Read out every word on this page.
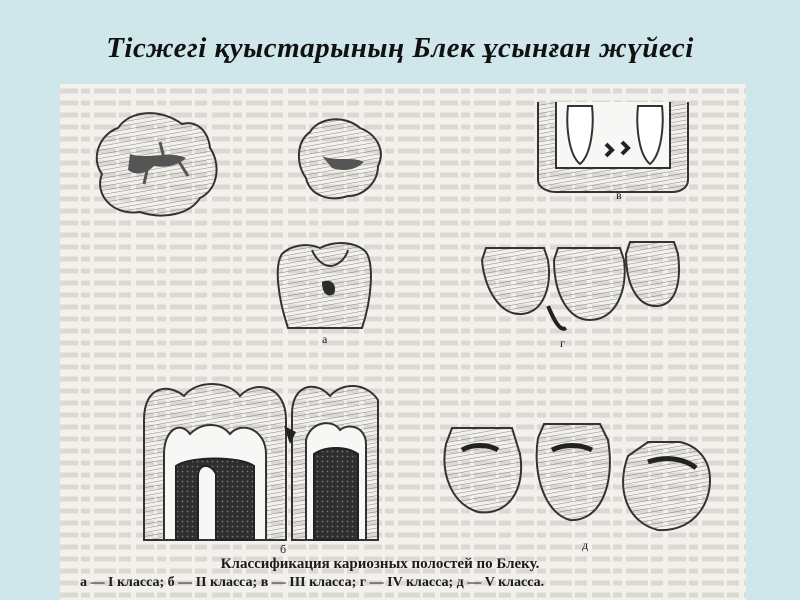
Тісжегі қуыстарының Блек ұсынған жүйесі
а
б
в
г
д
Классификация кариозных полостей по Блеку.
а — I класса; б — II класса; в — III класса; г — IV класса; д — V класса.
